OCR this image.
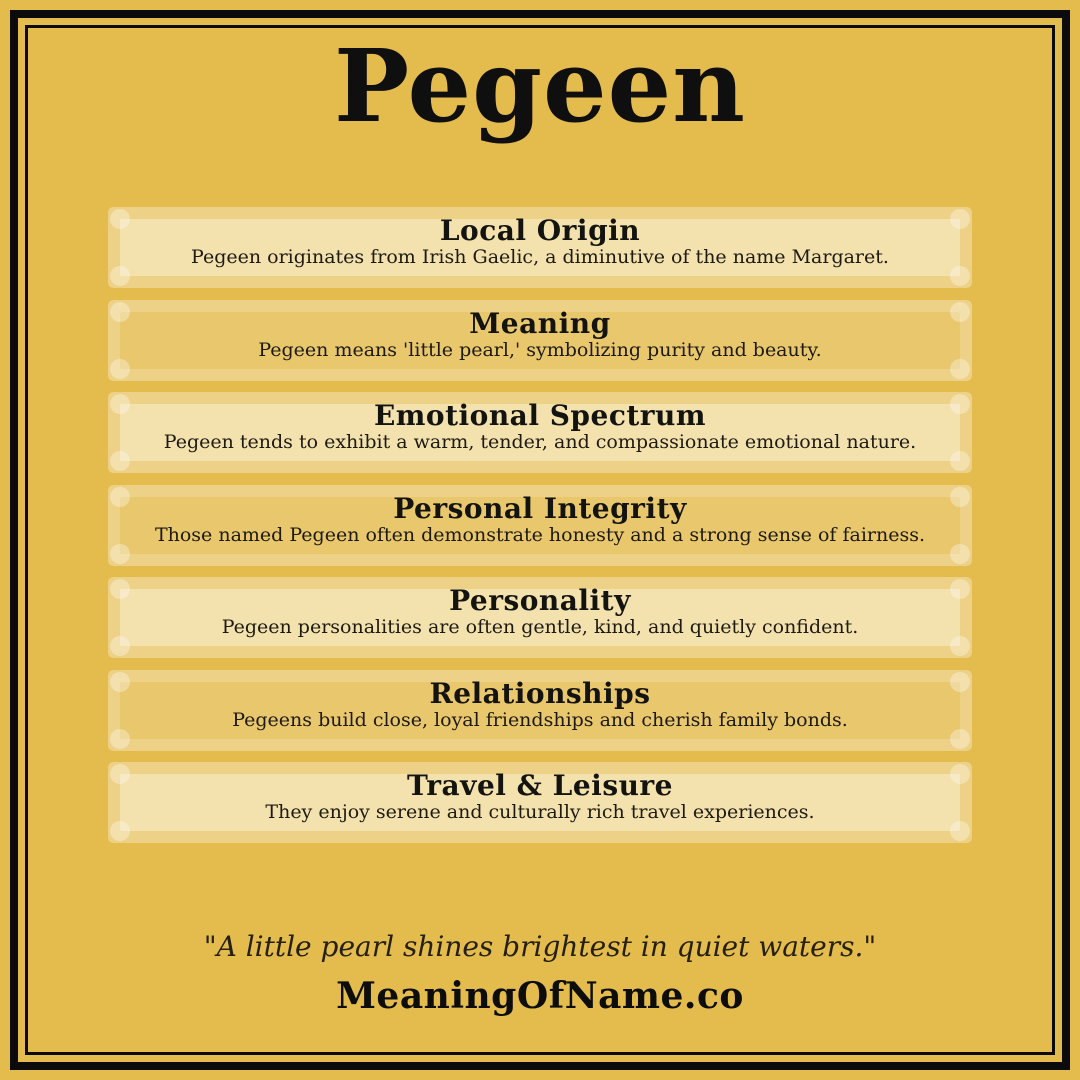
Pegeen
Local Origin

Pegeen originates from Irish Gaelic, a diminutive of the name Margaret.

Meaning

Pegeen means 'little pearl,' symbolizing purity and beauty.

Emotional Spectrum

Pegeen tends to exhibit a warm, tender, and compassionate emotional nature.

Personal Integrity

Those named Pegeen often demonstrate honesty and a strong sense of fairness.

Personality

Pegeen personalities are often gentle, kind, and quietly confident.

Relationships

Pegeens build close, loyal friendships and cherish family bonds.

Travel & Leisure

They enjoy serene and culturally rich travel experiences.

"A little pearl shines brightest in quiet waters."
MeaningOfName.co
